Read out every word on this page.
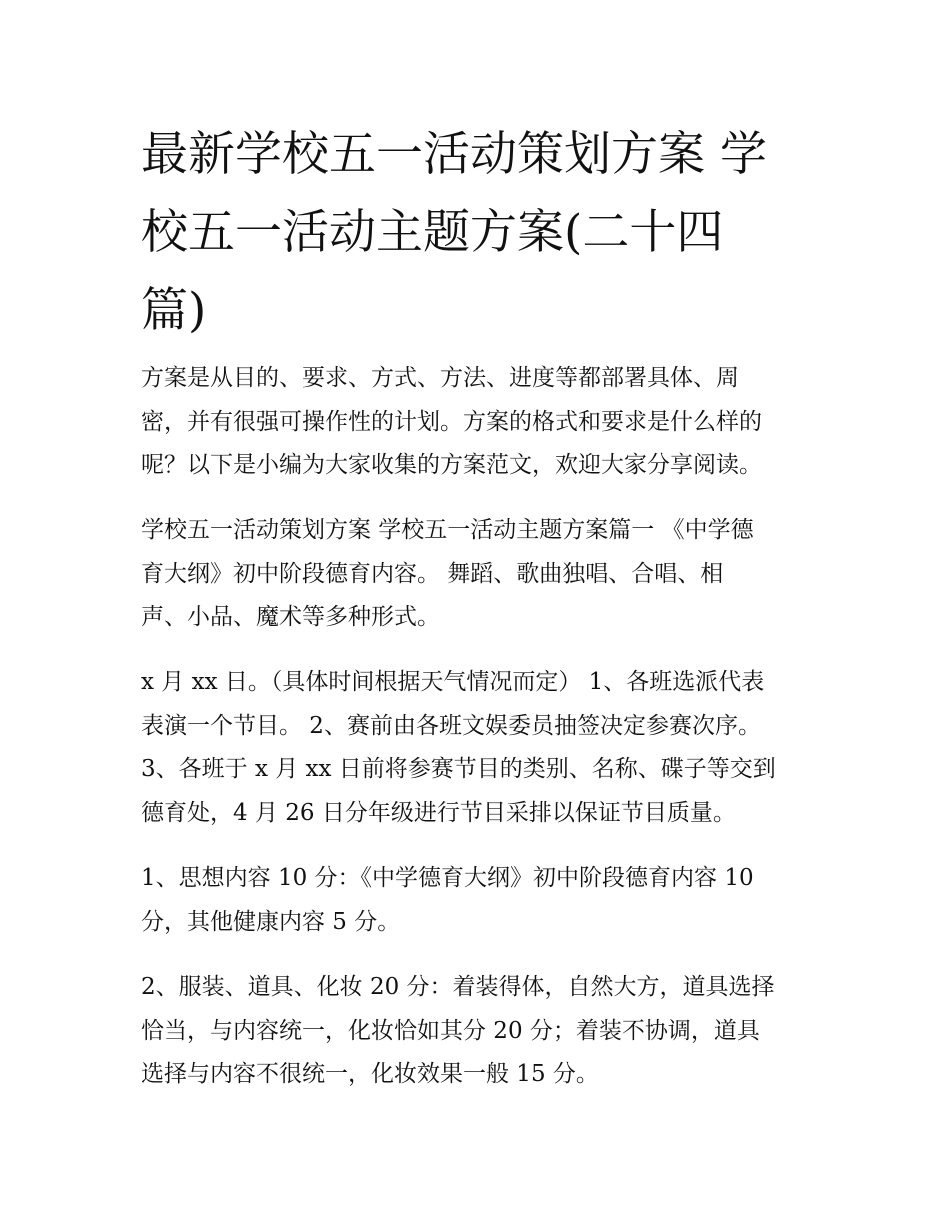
最新学校五一活动策划方案 学
校五一活动主题方案(二十四
篇)

方案是从目的、要求、方式、方法、进度等都部署具体、周
密，并有很强可操作性的计划。方案的格式和要求是什么样的
呢？以下是小编为大家收集的方案范文，欢迎大家分享阅读。

学校五一活动策划方案 学校五一活动主题方案篇一 《中学德
育大纲》初中阶段德育内容。 舞蹈、歌曲独唱、合唱、相
声、小品、魔术等多种形式。

x 月 xx 日。（具体时间根据天气情况而定） 1、各班选派代表
表演一个节目。 2、赛前由各班文娱委员抽签决定参赛次序。
3、各班于 x 月 xx 日前将参赛节目的类别、名称、碟子等交到
德育处，4 月 26 日分年级进行节目采排以保证节目质量。

1、思想内容 10 分：《中学德育大纲》初中阶段德育内容 10
分，其他健康内容 5 分。

2、服装、道具、化妆 20 分：着装得体，自然大方，道具选择
恰当，与内容统一，化妆恰如其分 20 分；着装不协调，道具
选择与内容不很统一，化妆效果一般 15 分。
